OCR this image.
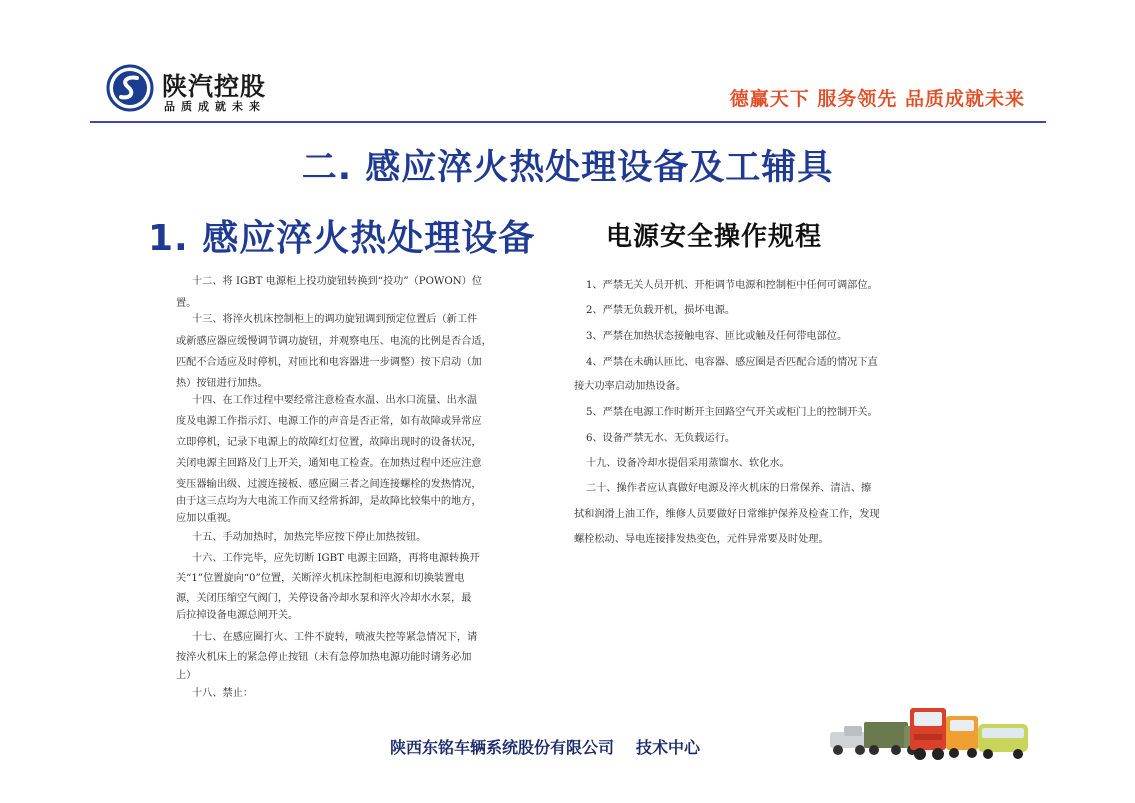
陕汽控股
品质成就未来	德赢天下 服务领先 品质成就未来
二. 感应淬火热处理设备及工辅具
1. 感应淬火热处理设备	电源安全操作规程

十二、将 IGBT 电源柜上投功旋钮转换到“投功”（POWON）位

置。

十三、将淬火机床控制柜上的调功旋钮调到预定位置后（新工件

或新感应器应缓慢调节调功旋钮，并观察电压、电流的比例是否合适，

匹配不合适应及时停机，对匝比和电容器进一步调整）按下启动（加

热）按钮进行加热。

十四、在工作过程中要经常注意检查水温、出水口流量、出水温

度及电源工作指示灯、电源工作的声音是否正常，如有故障或异常应

立即停机，记录下电源上的故障红灯位置，故障出现时的设备状况，

关闭电源主回路及门上开关，通知电工检查。在加热过程中还应注意

变压器输出级、过渡连接板、感应圈三者之间连接螺栓的发热情况，

由于这三点均为大电流工作而又经常拆卸，是故障比较集中的地方，

应加以重视。

十五、手动加热时，加热完毕应按下停止加热按钮。

十六、工作完毕，应先切断 IGBT 电源主回路，再将电源转换开

关“1”位置旋向“0”位置，关断淬火机床控制柜电源和切换装置电

源，关闭压缩空气阀门，关停设备冷却水泵和淬火冷却水水泵，最

后拉掉设备电源总闸开关。

十七、在感应圈打火、工件不旋转，喷液失控等紧急情况下，请

按淬火机床上的紧急停止按钮（未有急停加热电源功能时请务必加

上）

十八、禁止：

1、严禁无关人员开机、开柜调节电源和控制柜中任何可调部位。

2、严禁无负载开机，损坏电源。

3、严禁在加热状态接触电容、匝比或触及任何带电部位。

4、严禁在未确认匝比、电容器、感应圈是否匹配合适的情况下直

接大功率启动加热设备。

5、严禁在电源工作时断开主回路空气开关或柜门上的控制开关。

6、设备严禁无水、无负载运行。

十九、设备冷却水提倡采用蒸馏水、软化水。

二十、操作者应认真做好电源及淬火机床的日常保养、清洁、擦

拭和润滑上油工作，维修人员要做好日常维护保养及检查工作，发现

螺栓松动、导电连接排发热变色，元件异常要及时处理。

陕西东铭车辆系统股份有限公司 技术中心
